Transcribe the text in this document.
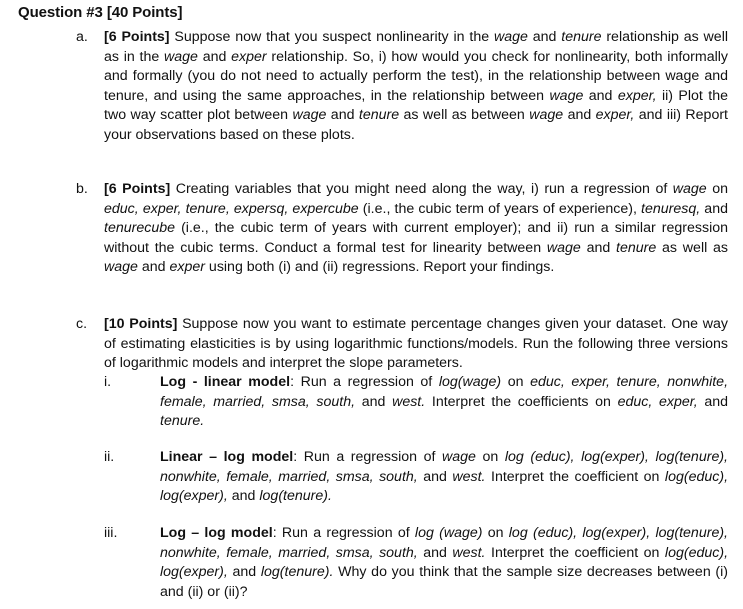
Question #3 [40 Points]
a. [6 Points] Suppose now that you suspect nonlinearity in the wage and tenure relationship as well as in the wage and exper relationship. So, i) how would you check for nonlinearity, both informally and formally (you do not need to actually perform the test), in the relationship between wage and tenure, and using the same approaches, in the relationship between wage and exper, ii) Plot the two way scatter plot between wage and tenure as well as between wage and exper, and iii) Report your observations based on these plots.
b. [6 Points] Creating variables that you might need along the way, i) run a regression of wage on educ, exper, tenure, expersq, expercube (i.e., the cubic term of years of experience), tenuresq, and tenurecube (i.e., the cubic term of years with current employer); and ii) run a similar regression without the cubic terms. Conduct a formal test for linearity between wage and tenure as well as wage and exper using both (i) and (ii) regressions. Report your findings.
c. [10 Points] Suppose now you want to estimate percentage changes given your dataset. One way of estimating elasticities is by using logarithmic functions/models. Run the following three versions of logarithmic models and interpret the slope parameters.
i.	Log - linear model: Run a regression of log(wage) on educ, exper, tenure, nonwhite, female, married, smsa, south, and west. Interpret the coefficients on educ, exper, and tenure.
ii.	Linear – log model: Run a regression of wage on log (educ), log(exper), log(tenure), nonwhite, female, married, smsa, south, and west. Interpret the coefficient on log(educ), log(exper), and log(tenure).
iii.	Log – log model: Run a regression of log (wage) on log (educ), log(exper), log(tenure), nonwhite, female, married, smsa, south, and west. Interpret the coefficient on log(educ), log(exper), and log(tenure). Why do you think that the sample size decreases between (i) and (ii) or (ii)?
